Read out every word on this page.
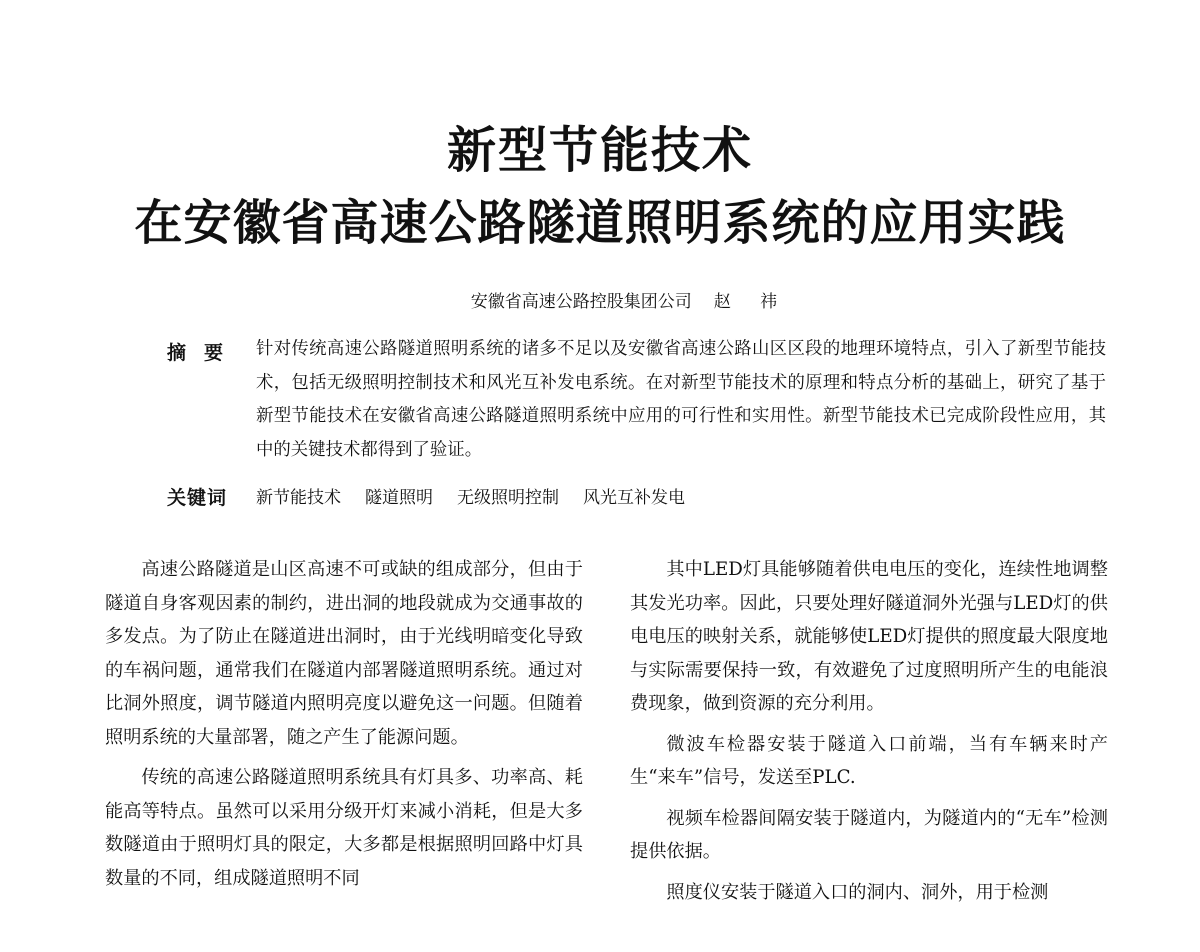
新型节能技术
在安徽省高速公路隧道照明系统的应用实践
安徽省高速公路控股集团公司 赵 祎
摘要 针对传统高速公路隧道照明系统的诸多不足以及安徽省高速公路山区区段的地理环境特点，引入了新型节能技术，包括无级照明控制技术和风光互补发电系统。在对新型节能技术的原理和特点分析的基础上，研究了基于新型节能技术在安徽省高速公路隧道照明系统中应用的可行性和实用性。新型节能技术已完成阶段性应用，其中的关键技术都得到了验证。

关键词 新节能技术 隧道照明 无级照明控制 风光互补发电

高速公路隧道是山区高速不可或缺的组成部分，但由于隧道自身客观因素的制约，进出洞的地段就成为交通事故的多发点。为了防止在隧道进出洞时，由于光线明暗变化导致的车祸问题，通常我们在隧道内部署隧道照明系统。通过对比洞外照度，调节隧道内照明亮度以避免这一问题。但随着照明系统的大量部署，随之产生了能源问题。

传统的高速公路隧道照明系统具有灯具多、功率高、耗能高等特点。虽然可以采用分级开灯来减小消耗，但是大多数隧道由于照明灯具的限定，大多都是根据照明回路中灯具数量的不同，组成隧道照明不同

其中LED灯具能够随着供电电压的变化，连续性地调整其发光功率。因此，只要处理好隧道洞外光强与LED灯的供电电压的映射关系，就能够使LED灯提供的照度最大限度地与实际需要保持一致，有效避免了过度照明所产生的电能浪费现象，做到资源的充分利用。

微波车检器安装于隧道入口前端，当有车辆来时产生“来车”信号，发送至PLC.

视频车检器间隔安装于隧道内，为隧道内的“无车”检测提供依据。

照度仪安装于隧道入口的洞内、洞外，用于检测
